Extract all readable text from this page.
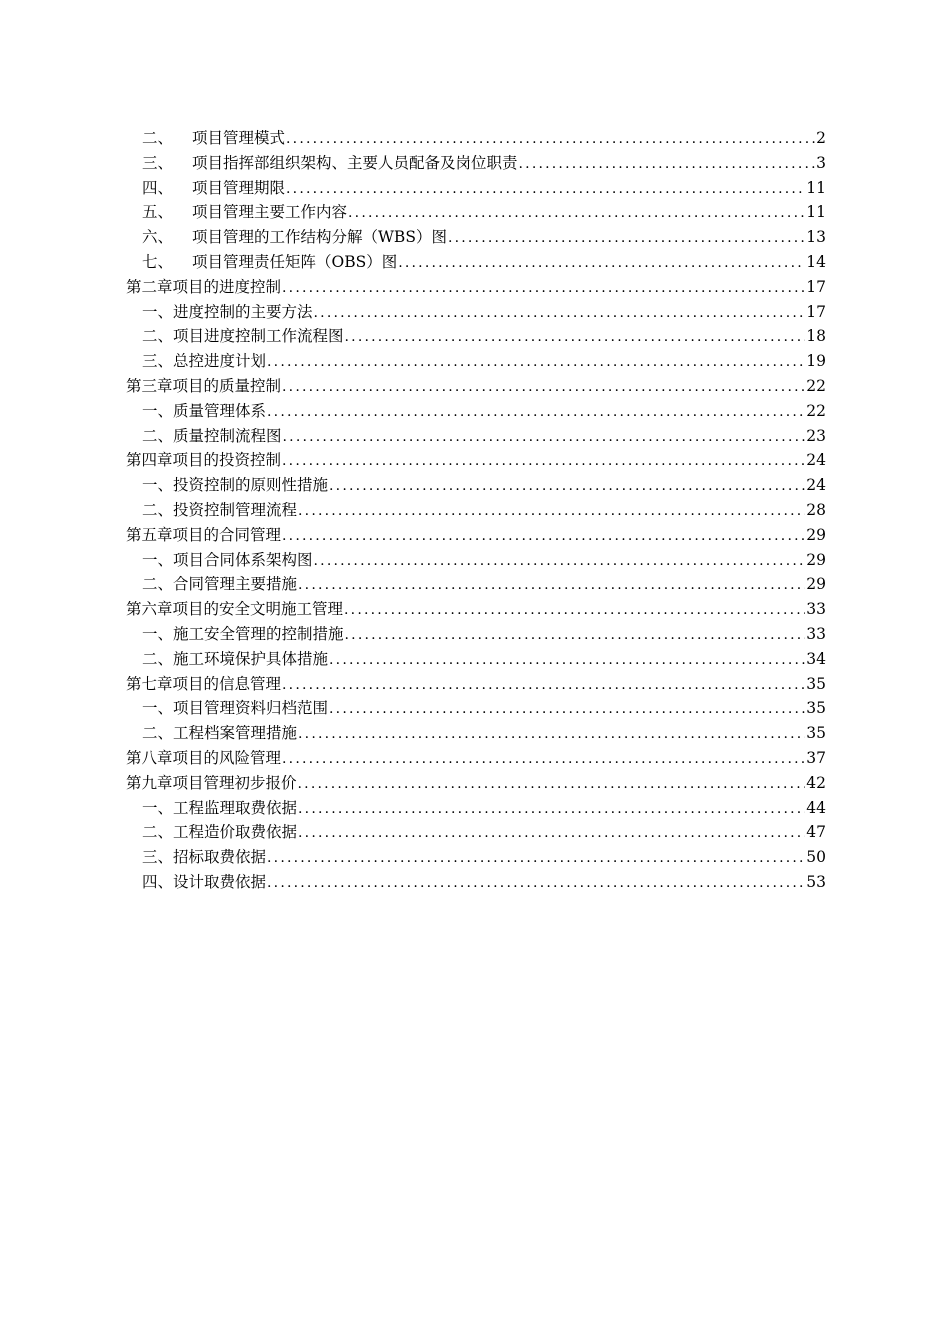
二、	项目管理模式 .....	2
三、	项目指挥部组织架构、主要人员配备及岗位职责 .....	3
四、	项目管理期限 .....	11
五、	项目管理主要工作内容 .....	11
六、	项目管理的工作结构分解（WBS）图 .....	13
七、	项目管理责任矩阵（OBS）图 .....	14
第二章 项目的进度控制 .....	17
一、 进度控制的主要方法 .....	17
二、 项目进度控制工作流程图 .....	18
三、 总控进度计划 .....	19
第三章 项目的质量控制 .....	22
一、 质量管理体系 .....	22
二、 质量控制流程图 .....	23
第四章 项目的投资控制 .....	24
一、 投资控制的原则性措施 .....	24
二、 投资控制管理流程 .....	28
第五章 项目的合同管理 .....	29
一、 项目合同体系架构图 .....	29
二、 合同管理主要措施 .....	29
第六章 项目的安全文明施工管理 .....	33
一、 施工安全管理的控制措施 .....	33
二、 施工环境保护具体措施 .....	34
第七章 项目的信息管理 .....	35
一、 项目管理资料归档范围 .....	35
二、 工程档案管理措施 .....	35
第八章 项目的风险管理 .....	37
第九章 项目管理初步报价 .....	42
一、 工程监理取费依据 .....	44
二、 工程造价取费依据 .....	47
三、 招标取费依据 .....	50
四、 设计取费依据 .....	53
